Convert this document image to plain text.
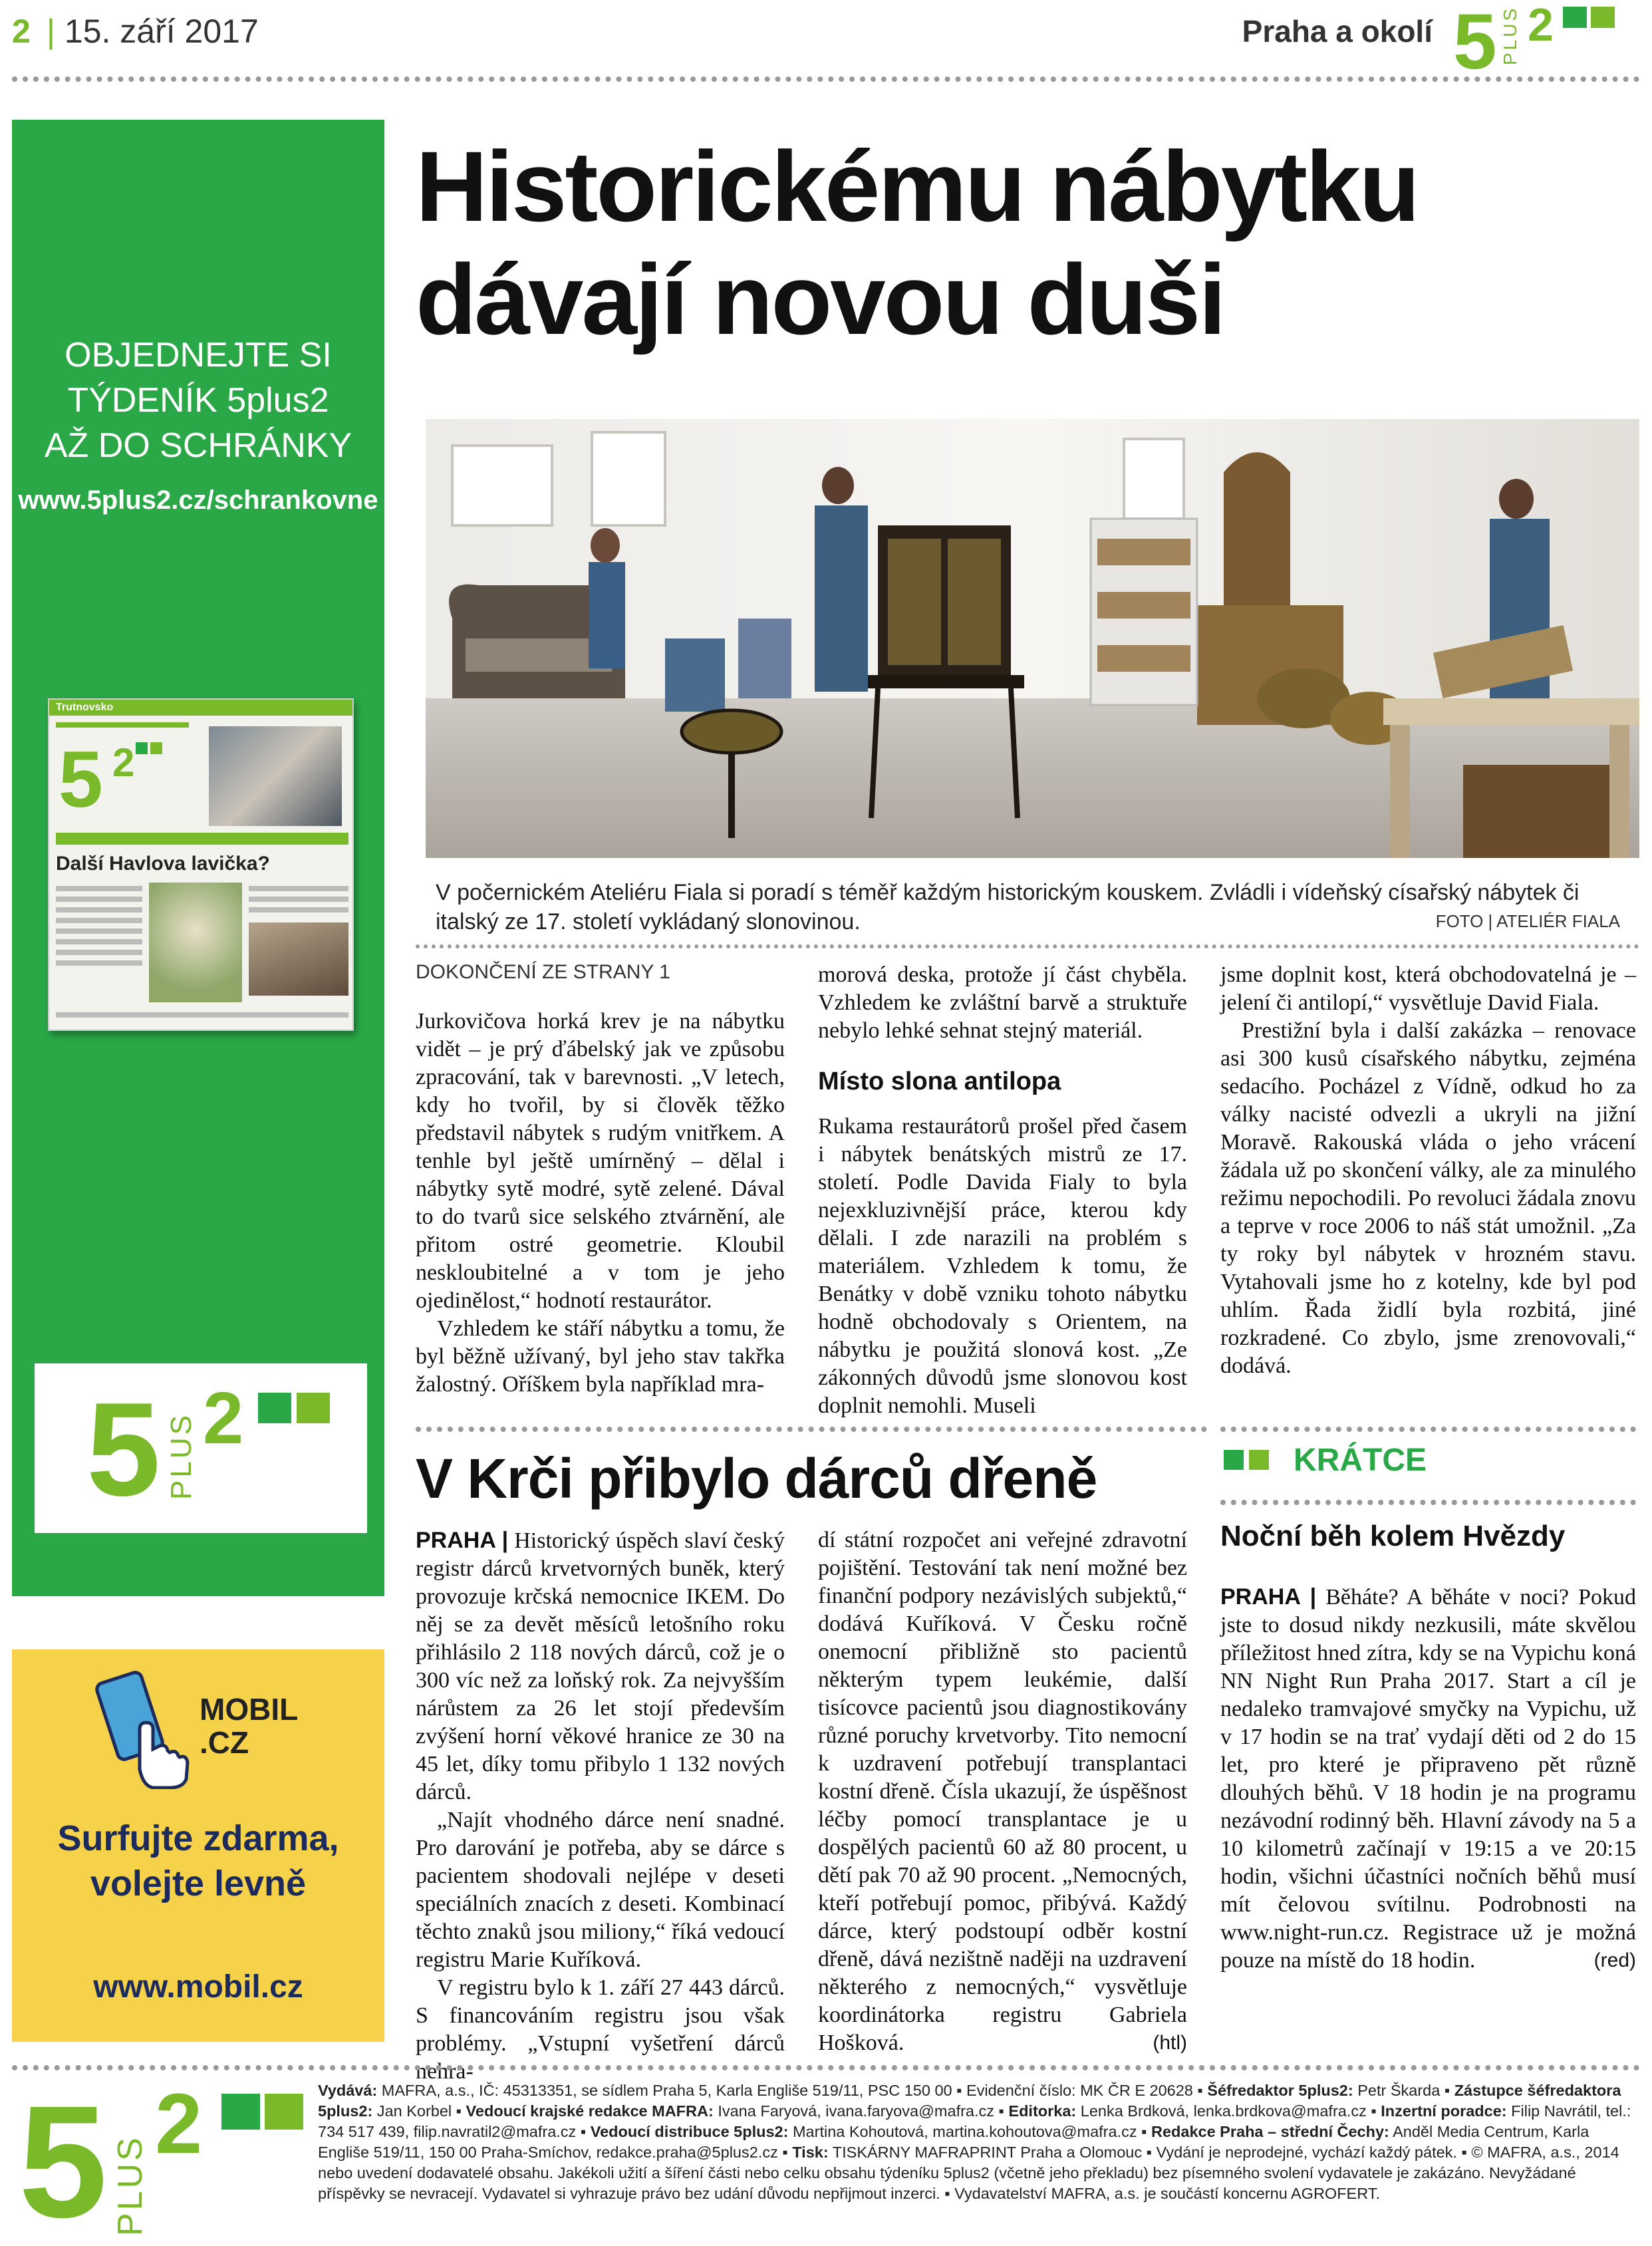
2
|	15. září 2017	Praha a okolí 5 PLUS 2
OBJEDNEJTE SI
TÝDENÍK 5plus2
AŽ DO SCHRÁNKY
www.5plus2.cz/schrankovne
Trutnovsko
5 2
Další Havlova lavička?
5 PLUS 2
MOBIL
.CZ
Surfujte zdarma,
volejte levně
www.mobil.cz
Historickému nábytku
dávají novou duši
V počernickém Ateliéru Fiala si poradí s téměř každým historickým kouskem. Zvládli i vídeňský císařský nábytek či italský ze 17. století vykládaný slonovinou.	FOTO | ATELIÉR FIALA
DOKONČENÍ ZE STRANY 1

Jurkovičova horká krev je na nábytku vidět – je prý ďábelský jak ve způsobu zpracování, tak v barevnosti. „V letech, kdy ho tvořil, by si člověk těžko představil nábytek s rudým vnitřkem. A tenhle byl ještě umírněný – dělal i nábytky sytě modré, sytě zelené. Dával to do tvarů sice selského ztvárnění, ale přitom ostré geometrie. Kloubil neskloubitelné a v tom je jeho ojedinělost,“ hodnotí restaurátor.

Vzhledem ke stáří nábytku a tomu, že byl běžně užívaný, byl jeho stav takřka žalostný. Oříškem byla například mra-

morová deska, protože jí část chyběla. Vzhledem ke zvláštní barvě a struktuře nebylo lehké sehnat stejný materiál.

Místo slona antilopa

Rukama restaurátorů prošel před časem i nábytek benátských mistrů ze 17. století. Podle Davida Fialy to byla nejexkluzivnější práce, kterou kdy dělali. I zde narazili na problém s materiálem. Vzhledem k tomu, že Benátky v době vzniku tohoto nábytku hodně obchodovaly s Orientem, na nábytku je použitá slonová kost. „Ze zákonných důvodů jsme slonovou kost doplnit nemohli. Museli

jsme doplnit kost, která obchodovatelná je – jelení či antilopí,“ vysvětluje David Fiala.

Prestižní byla i další zakázka – renovace asi 300 kusů císařského nábytku, zejména sedacího. Pocházel z Vídně, odkud ho za války nacisté odvezli a ukryli na jižní Moravě. Rakouská vláda o jeho vrácení žádala už po skončení války, ale za minulého režimu nepochodili. Po revoluci žádala znovu a teprve v roce 2006 to náš stát umožnil. „Za ty roky byl nábytek v hrozném stavu. Vytahovali jsme ho z kotelny, kde byl pod uhlím. Řada židlí byla rozbitá, jiné rozkradené. Co zbylo, jsme zrenovovali,“ dodává.

V Krči přibylo dárců dřeně

PRAHA | Historický úspěch slaví český registr dárců krvetvorných buněk, který provozuje krčská nemocnice IKEM. Do něj se za devět měsíců letošního roku přihlásilo 2 118 nových dárců, což je o 300 víc než za loňský rok. Za nejvyšším nárůstem za 26 let stojí především zvýšení horní věkové hranice ze 30 na 45 let, díky tomu přibylo 1 132 nových dárců.

„Najít vhodného dárce není snadné. Pro darování je potřeba, aby se dárce s pacientem shodovali nejlépe v deseti speciálních znacích z deseti. Kombinací těchto znaků jsou miliony,“ říká vedoucí registru Marie Kuříková.

V registru bylo k 1. září 27 443 dárců. S financováním registru jsou však problémy. „Vstupní vyšetření dárců nehra-

dí státní rozpočet ani veřejné zdravotní pojištění. Testování tak není možné bez finanční podpory nezávislých subjektů,“ dodává Kuříková. V Česku ročně onemocní přibližně sto pacientů některým typem leukémie, další tisícovce pacientů jsou diagnostikovány různé poruchy krvetvorby. Tito nemocní k uzdravení potřebují transplantaci kostní dřeně. Čísla ukazují, že úspěšnost léčby pomocí transplantace je u dospělých pacientů 60 až 80 procent, u dětí pak 70 až 90 procent. „Nemocných, kteří potřebují pomoc, přibývá. Každý dárce, který podstoupí odběr kostní dřeně, dává nezištně naději na uzdravení některého z nemocných,“ vysvětluje koordinátorka registru Gabriela Hošková.	(htl)

KRÁTCE
Noční běh kolem Hvězdy

PRAHA | Běháte? A běháte v noci? Pokud jste to dosud nikdy nezkusili, máte skvělou příležitost hned zítra, kdy se na Vypichu koná NN Night Run Praha 2017. Start a cíl je nedaleko tramvajové smyčky na Vypichu, už v 17 hodin se na trať vydají děti od 2 do 15 let, pro které je připraveno pět různě dlouhých běhů. V 18 hodin je na programu nezávodní rodinný běh. Hlavní závody na 5 a 10 kilometrů začínají v 19:15 a ve 20:15 hodin, všichni účastníci nočních běhů musí mít čelovou svítilnu. Podrobnosti na www.night-run.cz. Registrace už je možná pouze na místě do 18 hodin.	(red)

5 PLUS
2	Vydává: MAFRA, a.s., IČ: 45313351, se sídlem Praha 5, Karla Engliše 519/11, PSC 150 00 ▪ Evidenční číslo: MK ČR E 20628 ▪ Šéfredaktor 5plus2: Petr Škarda ▪ Zástupce šéfredaktora 5plus2: Jan Korbel ▪ Vedoucí krajské redakce MAFRA: Ivana Faryová, ivana.faryova@mafra.cz ▪ Editorka: Lenka Brdková, lenka.brdkova@mafra.cz ▪ Inzertní poradce: Filip Navrátil, tel.: 734 517 439, filip.navratil2@mafra.cz ▪ Vedoucí distribuce 5plus2: Martina Kohoutová, martina.kohoutova@mafra.cz ▪ Redakce Praha – střední Čechy: Anděl Media Centrum, Karla Engliše 519/11, 150 00 Praha-Smíchov, redakce.praha@5plus2.cz ▪ Tisk: TISKÁRNY MAFRAPRINT Praha a Olomouc ▪ Vydání je neprodejné, vychází každý pátek. ▪ © MAFRA, a.s., 2014 nebo uvedení dodavatelé obsahu. Jakékoli užití a šíření části nebo celku obsahu týdeníku 5plus2 (včetně jeho překladu) bez písemného svolení vydavatele je zakázáno. Nevyžádané příspěvky se nevracejí. Vydavatel si vyhrazuje právo bez udání důvodu nepřijmout inzerci. ▪ Vydavatelství MAFRA, a.s. je součástí koncernu AGROFERT.
